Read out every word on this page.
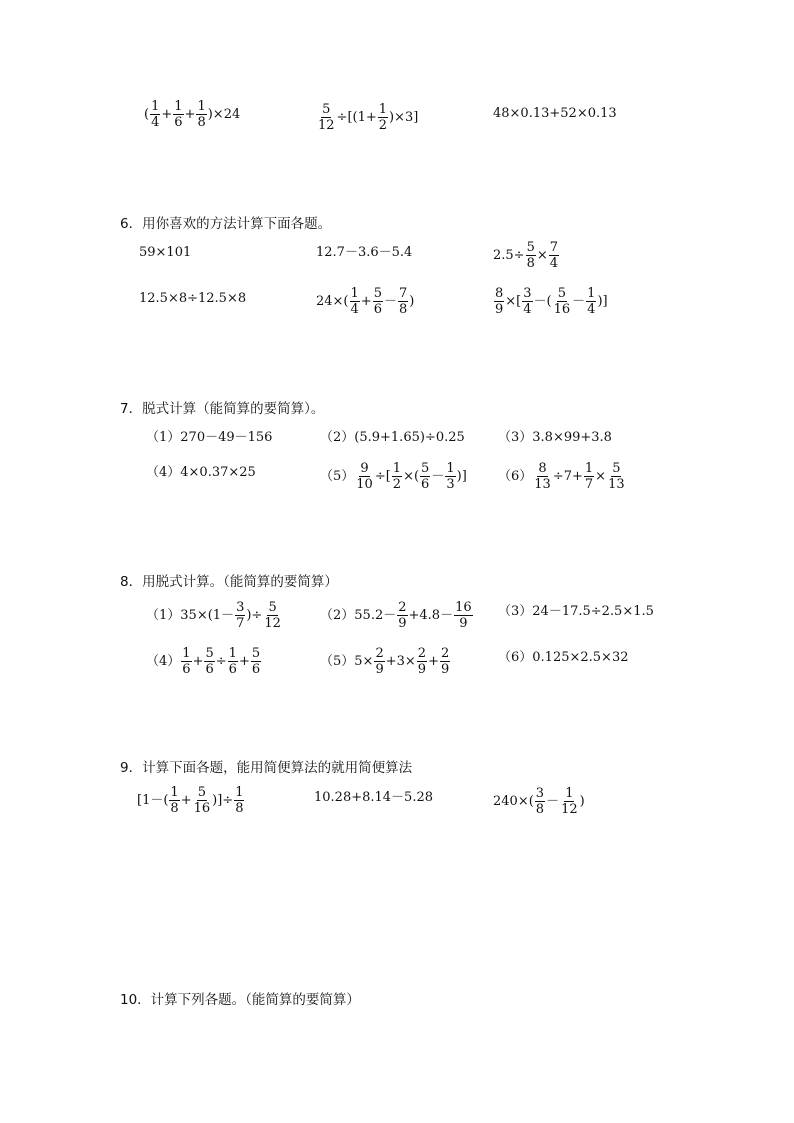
( $\frac{1}{4} + \frac{1}{6} + \frac{1}{8} )\times 24$	$\frac{5}{12} \div[(1+ \frac{1}{2} )\times 3]$	48×0.13+52×0.13
6．用你喜欢的方法计算下面各题。
59×101	12.7－3.6－5.4	$2.5\div \frac{5}{8} \times \frac{7}{4}$
12.5×8÷12.5×8	$24\times( \frac{1}{4} + \frac{5}{6} - \frac{7}{8}$ )	$\frac{8}{9}$ ×[ $\frac{3}{4}$ －( $\frac{5}{16} - \frac{1}{4}$ )]
7．脱式计算（能简算的要简算）。
（1）270－49－156	（2）(5.9+1.65)÷0.25	（3）3.8×99+3.8
（4）4×0.37×25	$(5) \frac{9}{10}$ ÷[ $\frac{1}{2}$ ×( $\frac{5}{6} - \frac{1}{3}$ )] $(6) \frac{8}{13} \div 7+ \frac{1}{7} \times \frac{5}{13}$
8．用脱式计算。（能简算的要简算）
$(1)35\times(1- \frac{3}{7}$ )÷ $\frac{5}{12}$	$(2)55.2- \frac{2}{9} +4.8- \frac{16}{9} (3)24-17.5\div 2.5\times 1.5$
$(4) \frac{1}{6} + \frac{5}{6} \div \frac{1}{6} + \frac{5}{6}$	$(5)5\times \frac{2}{9} +3\times \frac{2}{9} + \frac{2}{9}$	（6）0.125×2.5×32
9．计算下面各题，能用简便算法的就用简便算法
[$1-( \frac{1}{8} + \frac{5}{16}$ )]÷ $\frac{1}{8}$	10.28+8.14－5.28	$240\times( \frac{3}{8} - \frac{1}{12}$ )
10．计算下列各题。（能简算的要简算）
